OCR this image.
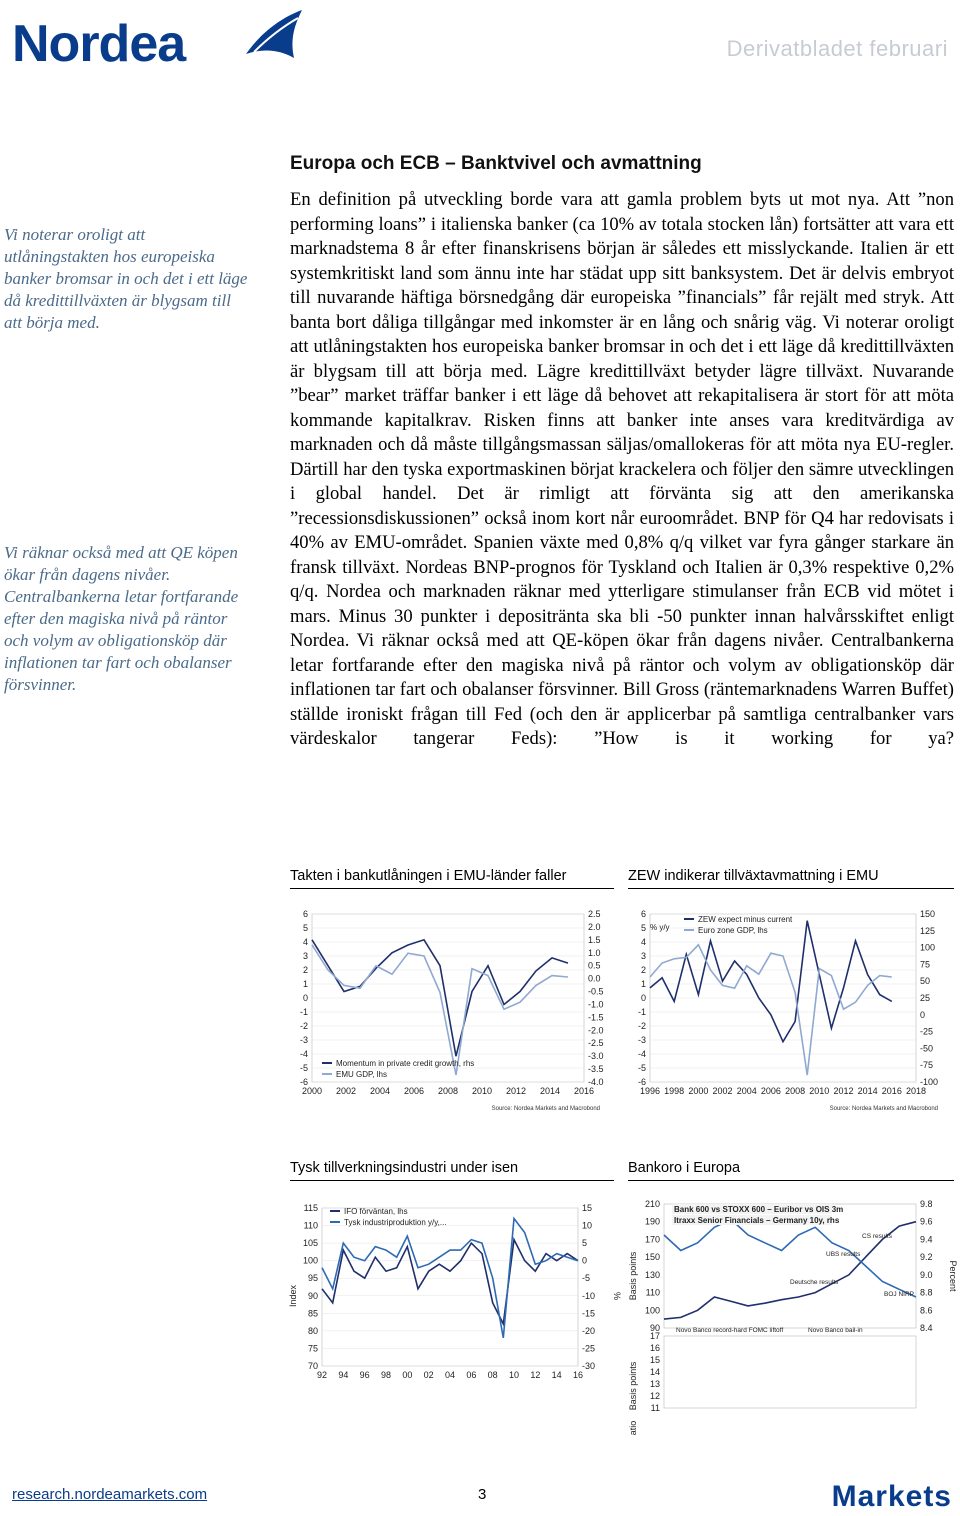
Nordea	Derivatbladet februari
Vi noterar oroligt att utlåningstakten hos europeiska banker bromsar in och det i ett läge då kredittillväxten är blygsam till att börja med.
Vi räknar också med att QE köpen ökar från dagens nivåer. Centralbankerna letar fortfarande efter den magiska nivå på räntor och volym av obligationsköp där inflationen tar fart och obalanser försvinner.
Europa och ECB – Banktvivel och avmattning
En definition på utveckling borde vara att gamla problem byts ut mot nya. Att ”non performing loans” i italienska banker (ca 10% av totala stocken lån) fortsätter att vara ett marknadstema 8 år efter finanskrisens början är således ett misslyckande. Italien är ett systemkritiskt land som ännu inte har städat upp sitt banksystem. Det är delvis embryot till nuvarande häftiga börsnedgång där europeiska ”financials” får rejält med stryk. Att banta bort dåliga tillgångar med inkomster är en lång och snårig väg. Vi noterar oroligt att utlåningstakten hos europeiska banker bromsar in och det i ett läge då kredittillväxten är blygsam till att börja med. Lägre kredittillväxt betyder lägre tillväxt. Nuvarande ”bear” market träffar banker i ett läge då behovet att rekapitalisera är stort för att möta kommande kapitalkrav. Risken finns att banker inte anses vara kreditvärdiga av marknaden och då måste tillgångsmassan säljas/omallokeras för att möta nya EU-regler. Därtill har den tyska exportmaskinen börjat krackelera och följer den sämre utvecklingen i global handel. Det är rimligt att förvänta sig att den amerikanska ”recessionsdiskussionen” också inom kort når euroområdet. BNP för Q4 har redovisats i 40% av EMU-området. Spanien växte med 0,8% q/q vilket var fyra gånger starkare än fransk tillväxt. Nordeas BNP-prognos för Tyskland och Italien är 0,3% respektive 0,2% q/q. Nordea och marknaden räknar med ytterligare stimulanser från ECB vid mötet i mars. Minus 30 punkter i depositränta ska bli -50 punkter innan halvårsskiftet enligt Nordea. Vi räknar också med att QE-köpen ökar från dagens nivåer. Centralbankerna letar fortfarande efter den magiska nivå på räntor och volym av obligationsköp där inflationen tar fart och obalanser försvinner. Bill Gross (räntemarknadens Warren Buffet) ställde ironiskt frågan till Fed (och den är applicerbar på samtliga centralbanker vars värdeskalor tangerar Feds): ”How is it working for ya?
Takten i bankutlåningen i EMU-länder faller	ZEW indikerar tillväxtavmattning i EMU
Tysk tillverkningsindustri under isen	Bankoro i Europa
6
5
4
3
2
1
0
-1
-2
-3
-4
-5
-6
2.5
2.0
1.5
1.0
0.5
0.0
-0.5
-1.0
-1.5
-2.0
-2.5
-3.0
-3.5
-4.0
2000 2002 2004 2006 2008 2010 2012 2014 2016
Momentum in private credit growth, rhs
EMU GDP, lhs
Source: Nordea Markets and Macrobond
6
5
4
3
2
1
0
-1
-2
-3
-4
-5
-6
150
125
100
75
50
25
0
-25
-50
-75
-100
1996 1998 2000 2002 2004 2006 2008 2010 2012 2014 2016 2018
ZEW expect minus current
Euro zone GDP, lhs
% y/y
Source: Nordea Markets and Macrobond
115
110
105
100
95
90
85
80
75
70
15
10
5
0
-5
-10
-15
-20
-25
-30
92 94 96 98 00 02 04 06 08 10 12 14 16
IFO förväntan, lhs
Tysk industriproduktion y/y,...
Index	%
210
190
170
150
130
110
100
90
9.8
9.6
9.4
9.2
9.0
8.8
8.6
8.4
17
16
15
14
13
12
11
Bank 600 vs STOXX 600 – Euribor vs OIS 3m
Itraxx Senior Financials – Germany 10y, rhs
CS results
UBS results
Deutsche results
BOJ NIRP
Novo Banco record-hard FOMC liftoff	Novo Banco bail-in
Basis points	Percent
Basis points
atio
research.nordeamarkets.com	3	Markets
